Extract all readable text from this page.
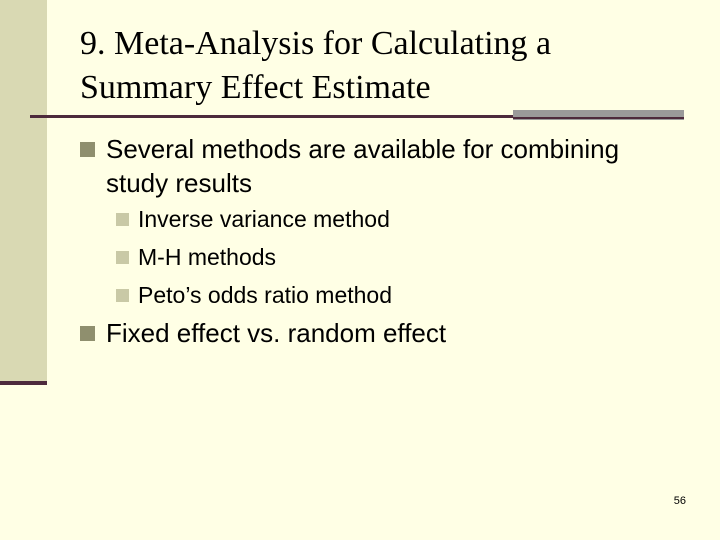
9. Meta-Analysis for Calculating a
Summary Effect Estimate
Several methods are available for combining study results
Inverse variance method
M-H methods
Peto’s odds ratio method
Fixed effect vs. random effect
56
